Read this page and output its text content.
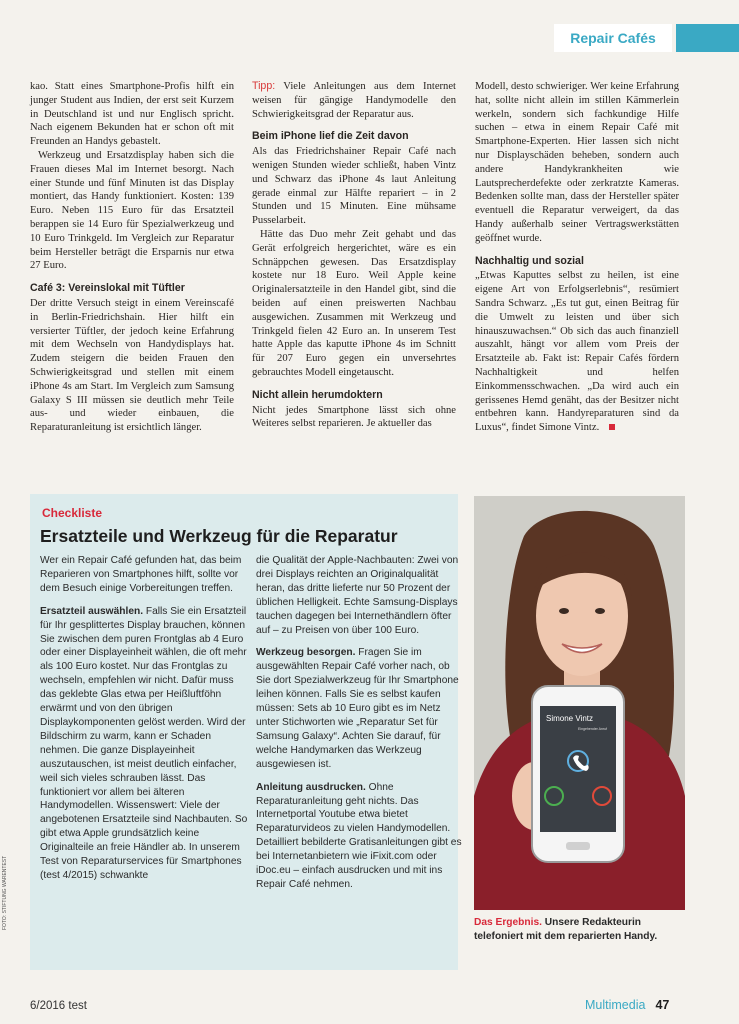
Repair Cafés

kao. Statt eines Smartphone-Profis hilft ein junger Student aus Indien, der erst seit Kurzem in Deutschland ist und nur Englisch spricht. Nach eigenem Bekunden hat er schon oft mit Freunden an Handys gebastelt.

Werkzeug und Ersatzdisplay haben sich die Frauen dieses Mal im Internet besorgt. Nach einer Stunde und fünf Minuten ist das Display montiert, das Handy funktioniert. Kosten: 139 Euro. Neben 115 Euro für das Ersatzteil berappen sie 14 Euro für Spezialwerkzeug und 10 Euro Trinkgeld. Im Vergleich zur Reparatur beim Hersteller beträgt die Ersparnis nur etwa 27 Euro.

Café 3: Vereinslokal mit Tüftler

Der dritte Versuch steigt in einem Vereinscafé in Berlin-Friedrichshain. Hier hilft ein versierter Tüftler, der jedoch keine Erfahrung mit dem Wechseln von Handydisplays hat. Zudem steigern die beiden Frauen den Schwierigkeitsgrad und stellen mit einem iPhone 4s am Start. Im Vergleich zum Samsung Galaxy S III müssen sie deutlich mehr Teile aus- und wieder einbauen, die Reparaturanleitung ist ersichtlich länger.

Tipp: Viele Anleitungen aus dem Internet weisen für gängige Handymodelle den Schwierigkeitsgrad der Reparatur aus.

Beim iPhone lief die Zeit davon

Als das Friedrichshainer Repair Café nach wenigen Stunden wieder schließt, haben Vintz und Schwarz das iPhone 4s laut Anleitung gerade einmal zur Hälfte repariert – in 2 Stunden und 15 Minuten. Eine mühsame Pusselarbeit.

Hätte das Duo mehr Zeit gehabt und das Gerät erfolgreich hergerichtet, wäre es ein Schnäppchen gewesen. Das Ersatzdisplay kostete nur 18 Euro. Weil Apple keine Originalersatzteile in den Handel gibt, sind die beiden auf einen preiswerten Nachbau ausgewichen. Zusammen mit Werkzeug und Trinkgeld fielen 42 Euro an. In unserem Test hatte Apple das kaputte iPhone 4s im Schnitt für 207 Euro gegen ein unversehrtes gebrauchtes Modell eingetauscht.

Nicht allein herumdoktern

Nicht jedes Smartphone lässt sich ohne Weiteres selbst reparieren. Je aktueller das

Modell, desto schwieriger. Wer keine Erfahrung hat, sollte nicht allein im stillen Kämmerlein werkeln, sondern sich fachkundige Hilfe suchen – etwa in einem Repair Café mit Smartphone-Experten. Hier lassen sich nicht nur Displayschäden beheben, sondern auch andere Handykrankheiten wie Lautsprecherdefekte oder zerkratzte Kameras. Bedenken sollte man, dass der Hersteller später eventuell die Reparatur verweigert, da das Handy außerhalb seiner Vertragswerkstätten geöffnet wurde.

Nachhaltig und sozial

„Etwas Kaputtes selbst zu heilen, ist eine eigene Art von Erfolgserlebnis“, resümiert Sandra Schwarz. „Es tut gut, einen Beitrag für die Umwelt zu leisten und über sich hinauszuwachsen.“ Ob sich das auch finanziell auszahlt, hängt vor allem vom Preis der Ersatzteile ab. Fakt ist: Repair Cafés fördern Nachhaltigkeit und helfen Einkommensschwachen. „Da wird auch ein gerissenes Hemd genäht, das der Besitzer nicht entbehren kann. Handyreparaturen sind da Luxus“, findet Simone Vintz.

Checkliste
Ersatzteile und Werkzeug für die Reparatur

Wer ein Repair Café gefunden hat, das beim Reparieren von Smartphones hilft, sollte vor dem Besuch einige Vorbereitungen treffen.

Ersatzteil auswählen. Falls Sie ein Ersatzteil für Ihr gesplittertes Display brauchen, können Sie zwischen dem puren Frontglas ab 4 Euro oder einer Displayeinheit wählen, die oft mehr als 100 Euro kostet. Nur das Frontglas zu wechseln, empfehlen wir nicht. Dafür muss das geklebte Glas etwa per Heißluftföhn erwärmt und von den übrigen Displaykomponenten gelöst werden. Wird der Bildschirm zu warm, kann er Schaden nehmen. Die ganze Displayeinheit auszutauschen, ist meist deutlich einfacher, weil sich vieles schrauben lässt. Das funktioniert vor allem bei älteren Handymodellen. Wissenswert: Viele der angebotenen Ersatzteile sind Nachbauten. So gibt etwa Apple grundsätzlich keine Originalteile an freie Händler ab. In unserem Test von Reparaturservices für Smartphones (test 4/2015) schwankte

die Qualität der Apple-Nachbauten: Zwei von drei Displays reichten an Originalqualität heran, das dritte lieferte nur 50 Prozent der üblichen Helligkeit. Echte Samsung-Displays tauchen dagegen bei Internethändlern öfter auf – zu Preisen von über 100 Euro.

Werkzeug besorgen. Fragen Sie im ausgewählten Repair Café vorher nach, ob Sie dort Spezialwerkzeug für Ihr Smartphone leihen können. Falls Sie es selbst kaufen müssen: Sets ab 10 Euro gibt es im Netz unter Stichworten wie „Reparatur Set für Samsung Galaxy“. Achten Sie darauf, für welche Handymarken das Werkzeug ausgewiesen ist.

Anleitung ausdrucken. Ohne Reparaturanleitung geht nichts. Das Internetportal Youtube etwa bietet Reparaturvideos zu vielen Handymodellen. Detailliert bebilderte Gratisanleitungen gibt es bei Internetanbietern wie iFixit.com oder iDoc.eu – einfach ausdrucken und mit ins Repair Café nehmen.

Simone Vintz
Eingehender Anruf
Das Ergebnis. Unsere Redakteurin telefoniert mit dem reparierten Handy.
FOTO: STIFTUNG WARENTEST
6/2016 test	Multimedia 47
